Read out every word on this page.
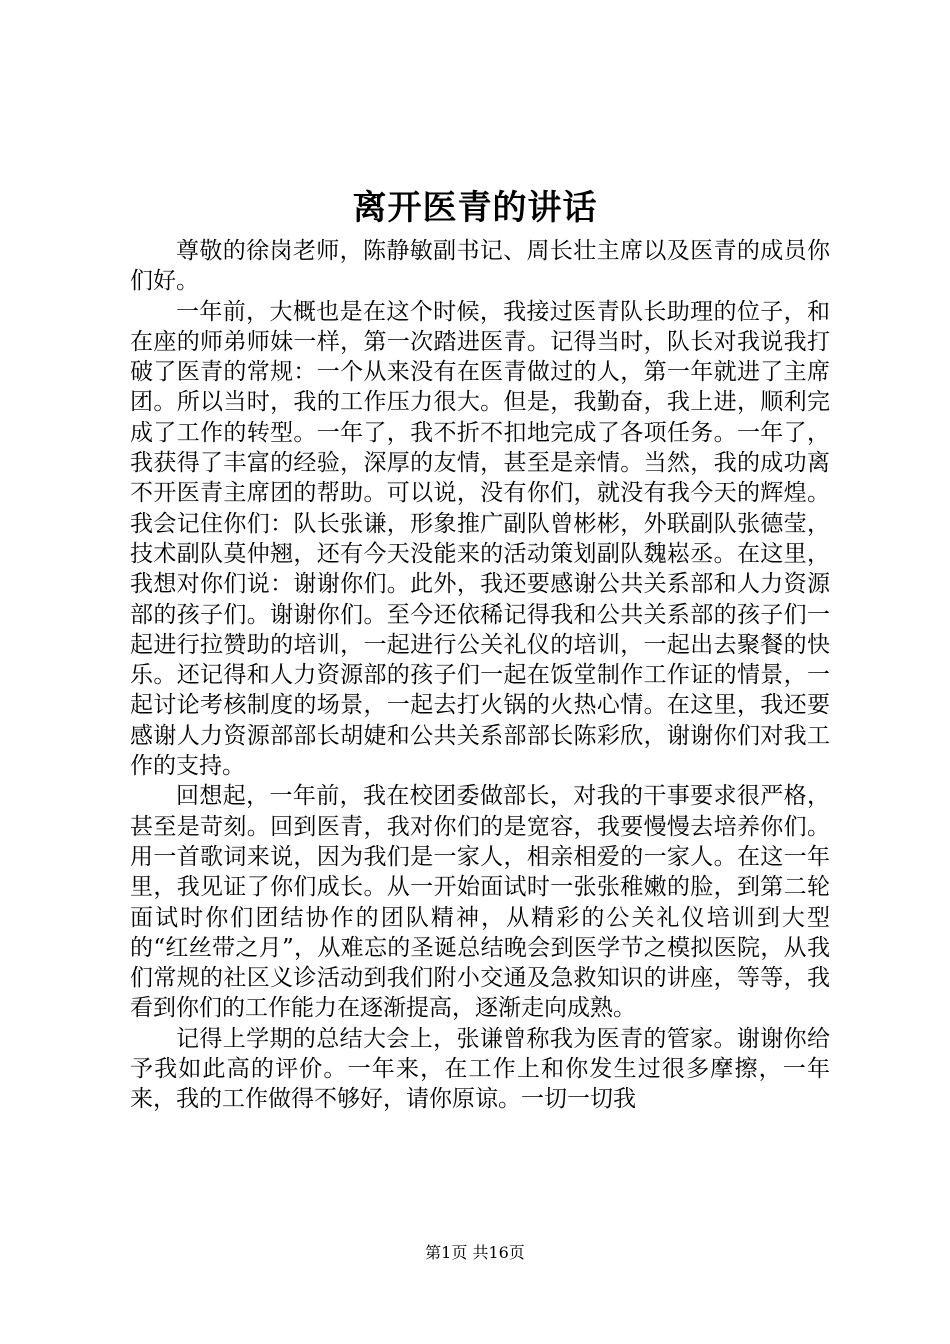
离开医青的讲话

尊敬的徐岗老师，陈静敏副书记、周长壮主席以及医青的成员你们好。

一年前，大概也是在这个时候，我接过医青队长助理的位子，和在座的师弟师妹一样，第一次踏进医青。记得当时，队长对我说我打破了医青的常规：一个从来没有在医青做过的人，第一年就进了主席团。所以当时，我的工作压力很大。但是，我勤奋，我上进，顺利完成了工作的转型。一年了，我不折不扣地完成了各项任务。一年了，我获得了丰富的经验，深厚的友情，甚至是亲情。当然，我的成功离不开医青主席团的帮助。可以说，没有你们，就没有我今天的辉煌。我会记住你们：队长张谦，形象推广副队曾彬彬，外联副队张德莹，技术副队莫仲翘，还有今天没能来的活动策划副队魏崧丞。在这里，我想对你们说：谢谢你们。此外，我还要感谢公共关系部和人力资源部的孩子们。谢谢你们。至今还依稀记得我和公共关系部的孩子们一起进行拉赞助的培训，一起进行公关礼仪的培训，一起出去聚餐的快乐。还记得和人力资源部的孩子们一起在饭堂制作工作证的情景，一起讨论考核制度的场景，一起去打火锅的火热心情。在这里，我还要感谢人力资源部部长胡婕和公共关系部部长陈彩欣，谢谢你们对我工作的支持。

回想起，一年前，我在校团委做部长，对我的干事要求很严格，甚至是苛刻。回到医青，我对你们的是宽容，我要慢慢去培养你们。用一首歌词来说，因为我们是一家人，相亲相爱的一家人。在这一年里，我见证了你们成长。从一开始面试时一张张稚嫩的脸，到第二轮面试时你们团结协作的团队精神，从精彩的公关礼仪培训到大型的“红丝带之月”，从难忘的圣诞总结晚会到医学节之模拟医院，从我们常规的社区义诊活动到我们附小交通及急救知识的讲座，等等，我看到你们的工作能力在逐渐提高，逐渐走向成熟。

记得上学期的总结大会上，张谦曾称我为医青的管家。谢谢你给予我如此高的评价。一年来，在工作上和你发生过很多摩擦，一年来，我的工作做得不够好，请你原谅。一切一切我

第1页 共16页
